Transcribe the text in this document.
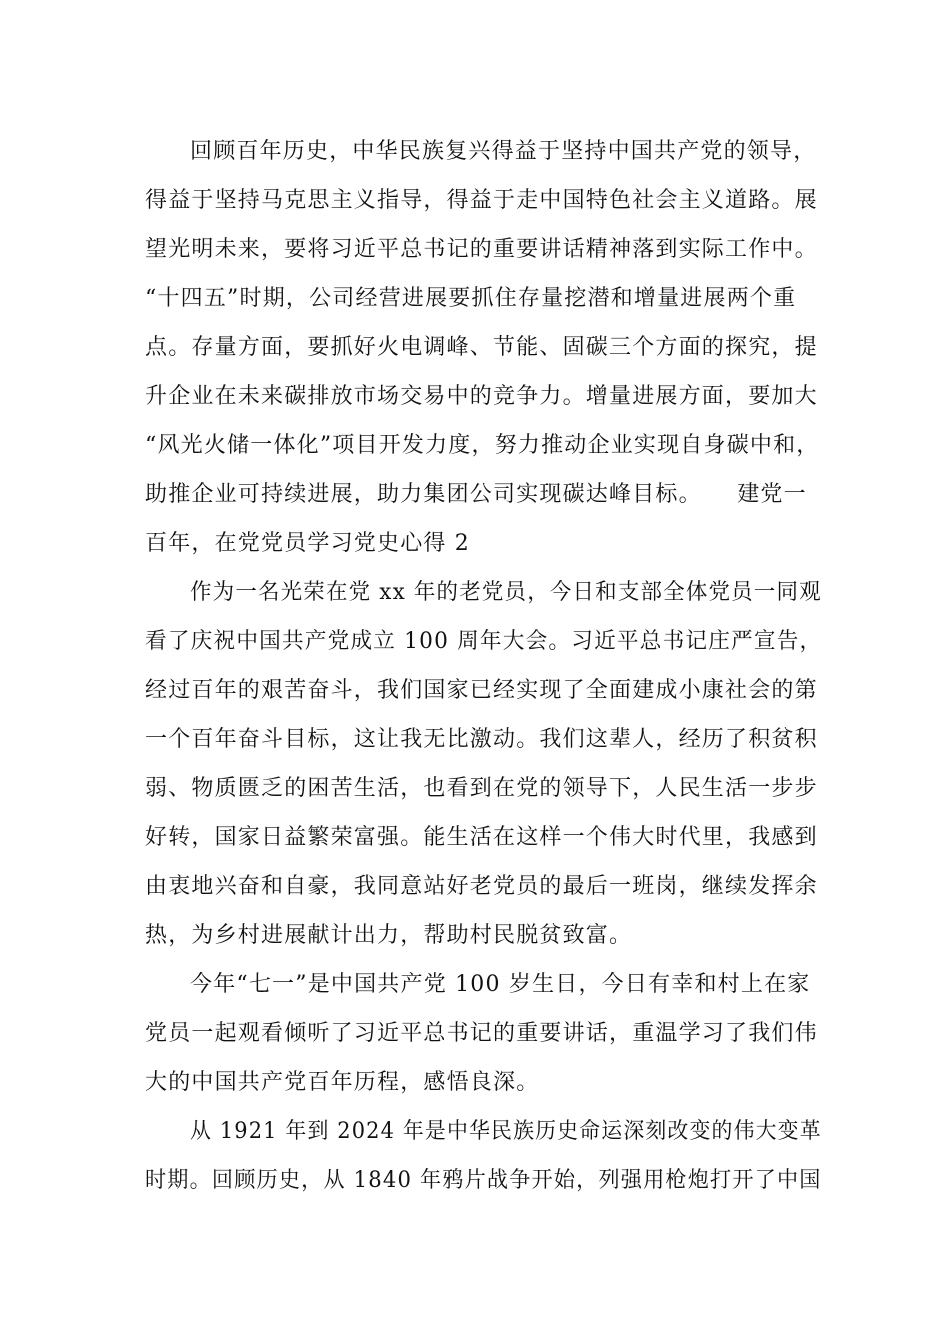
回顾百年历史，中华民族复兴得益于坚持中国共产党的领导，
得益于坚持马克思主义指导，得益于走中国特色社会主义道路。展
望光明未来，要将习近平总书记的重要讲话精神落到实际工作中。
“十四五”时期，公司经营进展要抓住存量挖潜和增量进展两个重
点。存量方面，要抓好火电调峰、节能、固碳三个方面的探究，提
升企业在未来碳排放市场交易中的竞争力。增量进展方面，要加大
“风光火储一体化”项目开发力度，努力推动企业实现自身碳中和，
助推企业可持续进展，助力集团公司实现碳达峰目标。　　建党一
百年，在党党员学习党史心得 2
作为一名光荣在党 xx 年的老党员，今日和支部全体党员一同观
看了庆祝中国共产党成立 100 周年大会。习近平总书记庄严宣告，
经过百年的艰苦奋斗，我们国家已经实现了全面建成小康社会的第
一个百年奋斗目标，这让我无比激动。我们这辈人，经历了积贫积
弱、物质匮乏的困苦生活，也看到在党的领导下，人民生活一步步
好转，国家日益繁荣富强。能生活在这样一个伟大时代里，我感到
由衷地兴奋和自豪，我同意站好老党员的最后一班岗，继续发挥余
热，为乡村进展献计出力，帮助村民脱贫致富。
今年“七一”是中国共产党 100 岁生日，今日有幸和村上在家
党员一起观看倾听了习近平总书记的重要讲话，重温学习了我们伟
大的中国共产党百年历程，感悟良深。
从 1921 年到 2024 年是中华民族历史命运深刻改变的伟大变革
时期。回顾历史，从 1840 年鸦片战争开始，列强用枪炮打开了中国
